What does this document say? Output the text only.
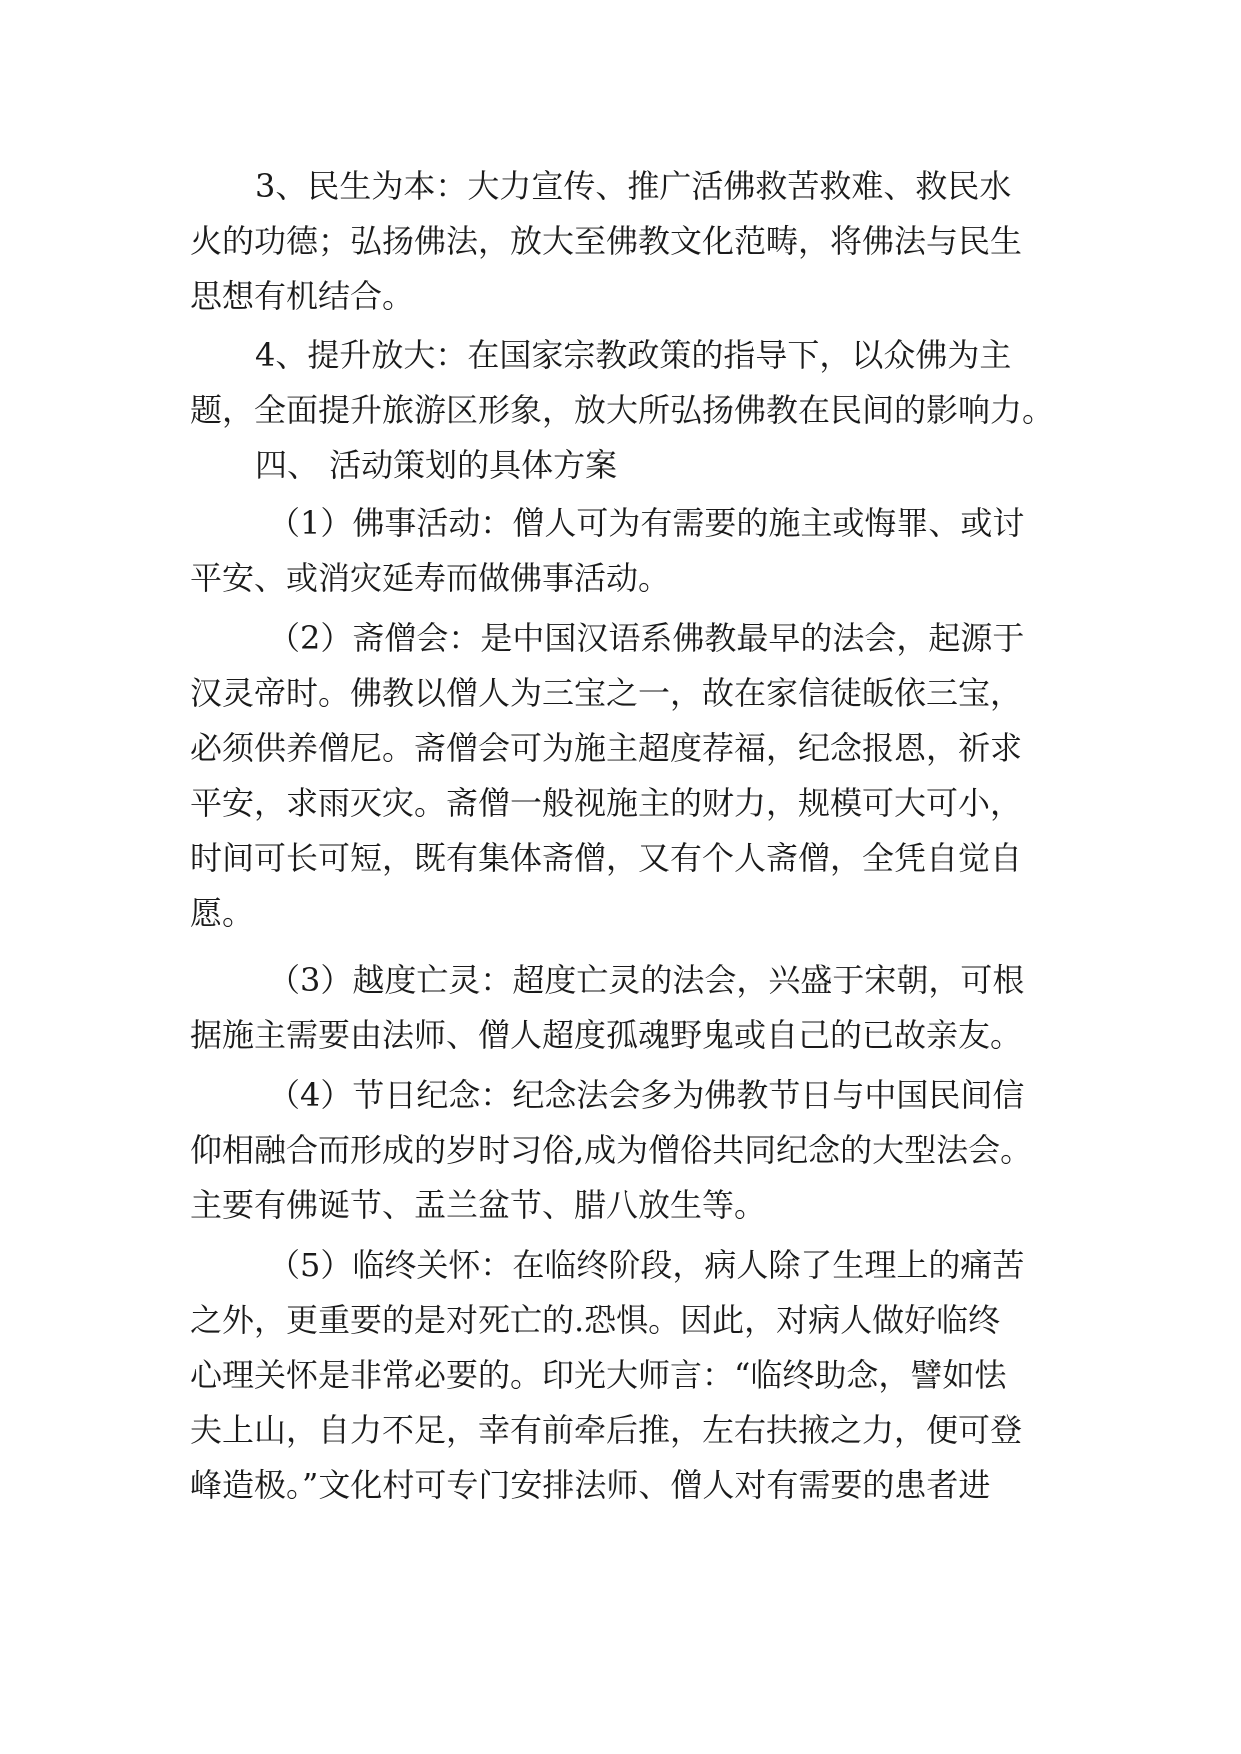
3、民生为本：大力宣传、推广活佛救苦救难、救民水
火的功德；弘扬佛法，放大至佛教文化范畴，将佛法与民生
思想有机结合。
4、提升放大：在国家宗教政策的指导下，以众佛为主
题，全面提升旅游区形象，放大所弘扬佛教在民间的影响力。
四、 活动策划的具体方案
（1）佛事活动：僧人可为有需要的施主或悔罪、或讨
平安、或消灾延寿而做佛事活动。
（2）斋僧会：是中国汉语系佛教最早的法会，起源于
汉灵帝时。佛教以僧人为三宝之一，故在家信徒皈依三宝，
必须供养僧尼。斋僧会可为施主超度荐福，纪念报恩，祈求
平安，求雨灭灾。斋僧一般视施主的财力，规模可大可小，
时间可长可短，既有集体斋僧，又有个人斋僧，全凭自觉自
愿。
（3）越度亡灵：超度亡灵的法会，兴盛于宋朝，可根
据施主需要由法师、僧人超度孤魂野鬼或自己的已故亲友。
（4）节日纪念：纪念法会多为佛教节日与中国民间信
仰相融合而形成的岁时习俗,成为僧俗共同纪念的大型法会。
主要有佛诞节、盂兰盆节、腊八放生等。
（5）临终关怀：在临终阶段，病人除了生理上的痛苦
之外，更重要的是对死亡的.恐惧。因此，对病人做好临终
心理关怀是非常必要的。印光大师言：“临终助念，譬如怯
夫上山，自力不足，幸有前牵后推，左右扶掖之力，便可登
峰造极。”文化村可专门安排法师、僧人对有需要的患者进
